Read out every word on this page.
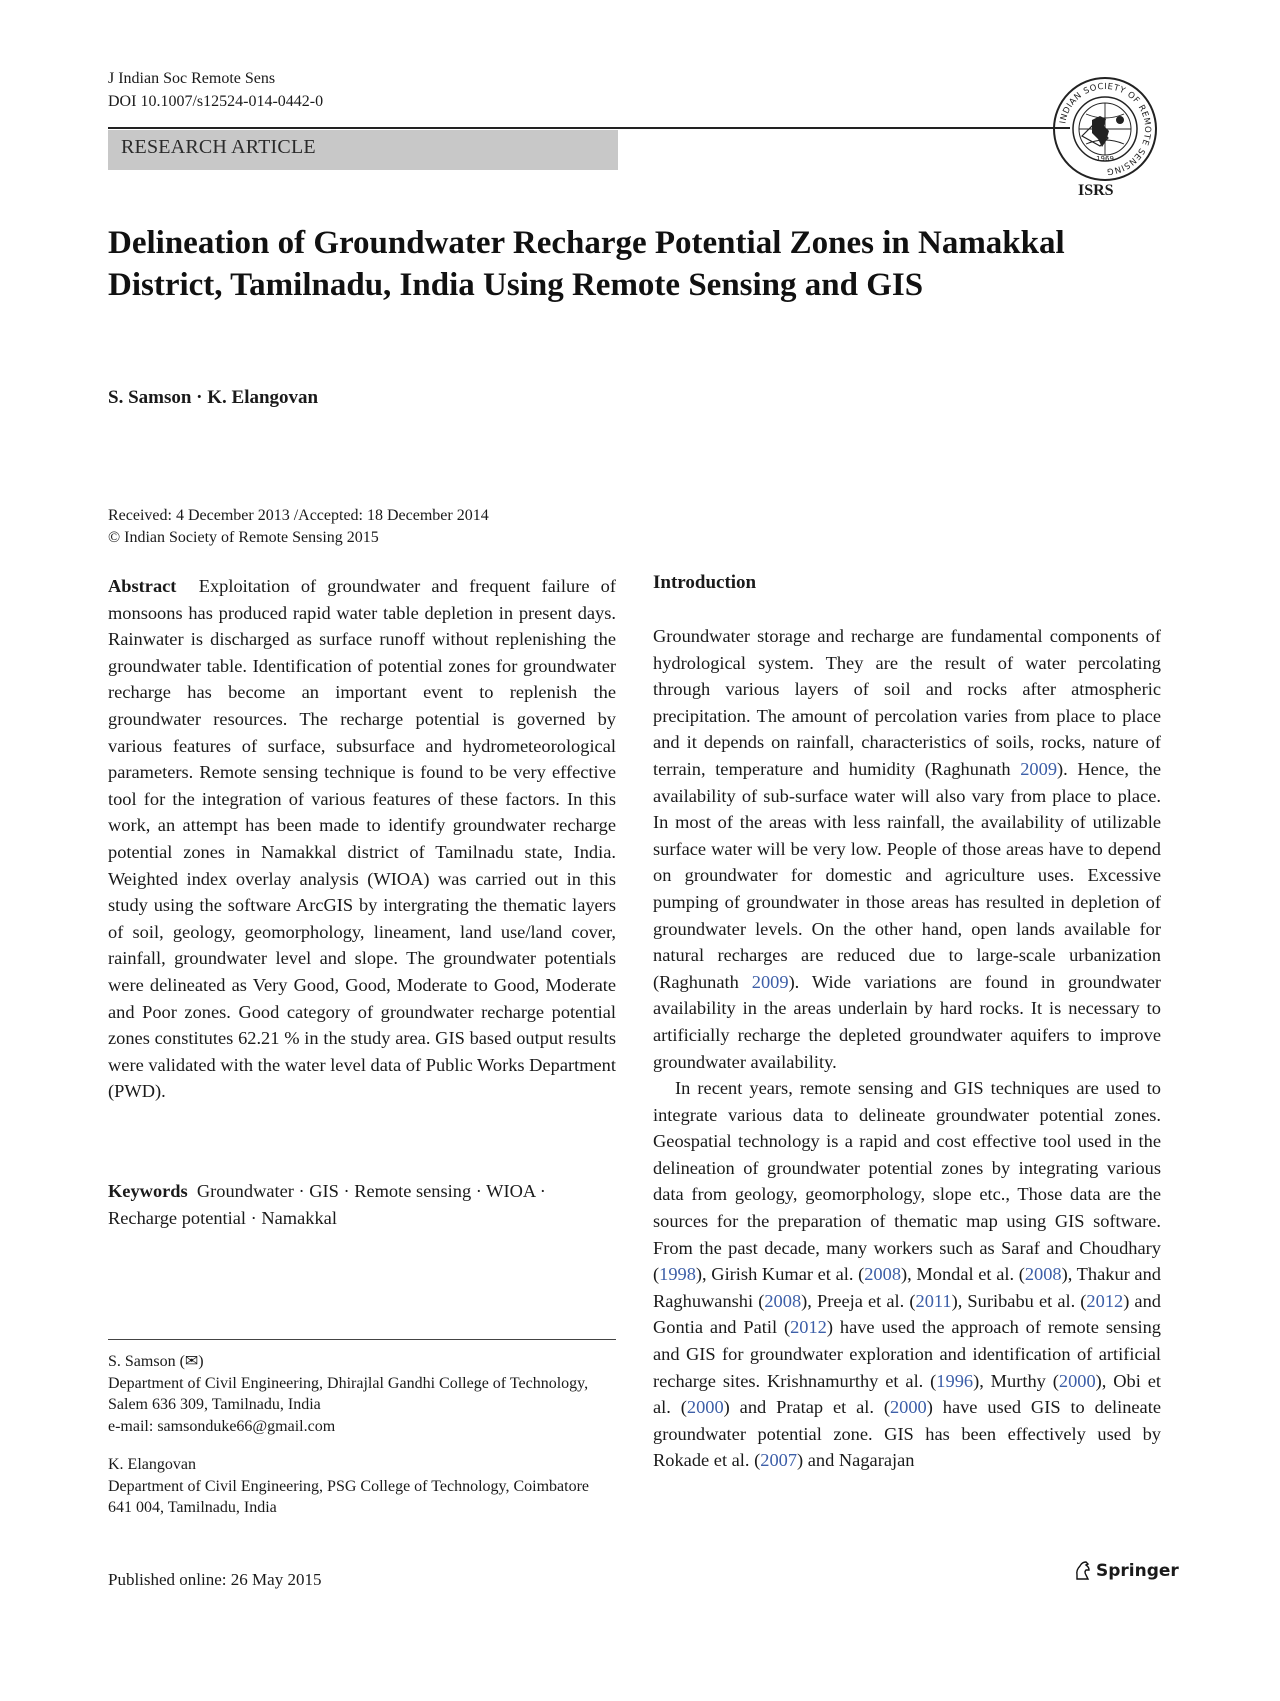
J Indian Soc Remote Sens
DOI 10.1007/s12524-014-0442-0
RESEARCH ARTICLE
INDIAN SOCIETY OF REMOTE SENSING
1969
ISRS
Delineation of Groundwater Recharge Potential Zones in Namakkal District, Tamilnadu, India Using Remote Sensing and GIS
S. Samson · K. Elangovan
Received: 4 December 2013 /Accepted: 18 December 2014
© Indian Society of Remote Sensing 2015
Abstract Exploitation of groundwater and frequent failure of monsoons has produced rapid water table depletion in present days. Rainwater is discharged as surface runoff without replenishing the groundwater table. Identification of potential zones for groundwater recharge has become an important event to replenish the groundwater resources. The recharge potential is governed by various features of surface, subsurface and hydrometeorological parameters. Remote sensing technique is found to be very effective tool for the integration of various features of these factors. In this work, an attempt has been made to identify groundwater recharge potential zones in Namakkal district of Tamilnadu state, India. Weighted index overlay analysis (WIOA) was carried out in this study using the software ArcGIS by intergrating the thematic layers of soil, geology, geomorphology, lineament, land use/land cover, rainfall, groundwater level and slope. The groundwater potentials were delineated as Very Good, Good, Moderate to Good, Moderate and Poor zones. Good category of groundwater recharge potential zones constitutes 62.21 % in the study area. GIS based output results were validated with the water level data of Public Works Department (PWD).
Keywords Groundwater · GIS · Remote sensing · WIOA · Recharge potential · Namakkal
S. Samson (✉)
Department of Civil Engineering, Dhirajlal Gandhi College of Technology, Salem 636 309, Tamilnadu, India
e-mail: samsonduke66@gmail.com
K. Elangovan
Department of Civil Engineering, PSG College of Technology, Coimbatore 641 004, Tamilnadu, India
Published online: 26 May 2015
Introduction

Groundwater storage and recharge are fundamental components of hydrological system. They are the result of water percolating through various layers of soil and rocks after atmospheric precipitation. The amount of percolation varies from place to place and it depends on rainfall, characteristics of soils, rocks, nature of terrain, temperature and humidity (Raghunath 2009). Hence, the availability of sub-surface water will also vary from place to place. In most of the areas with less rainfall, the availability of utilizable surface water will be very low. People of those areas have to depend on groundwater for domestic and agriculture uses. Excessive pumping of groundwater in those areas has resulted in depletion of groundwater levels. On the other hand, open lands available for natural recharges are reduced due to large-scale urbanization (Raghunath 2009). Wide variations are found in groundwater availability in the areas underlain by hard rocks. It is necessary to artificially recharge the depleted groundwater aquifers to improve groundwater availability.

In recent years, remote sensing and GIS techniques are used to integrate various data to delineate groundwater potential zones. Geospatial technology is a rapid and cost effective tool used in the delineation of groundwater potential zones by integrating various data from geology, geomorphology, slope etc., Those data are the sources for the preparation of thematic map using GIS software. From the past decade, many workers such as Saraf and Choudhary (1998), Girish Kumar et al. (2008), Mondal et al. (2008), Thakur and Raghuwanshi (2008), Preeja et al. (2011), Suribabu et al. (2012) and Gontia and Patil (2012) have used the approach of remote sensing and GIS for groundwater exploration and identification of artificial recharge sites. Krishnamurthy et al. (1996), Murthy (2000), Obi et al. (2000) and Pratap et al. (2000) have used GIS to delineate groundwater potential zone. GIS has been effectively used by Rokade et al. (2007) and Nagarajan

Springer
